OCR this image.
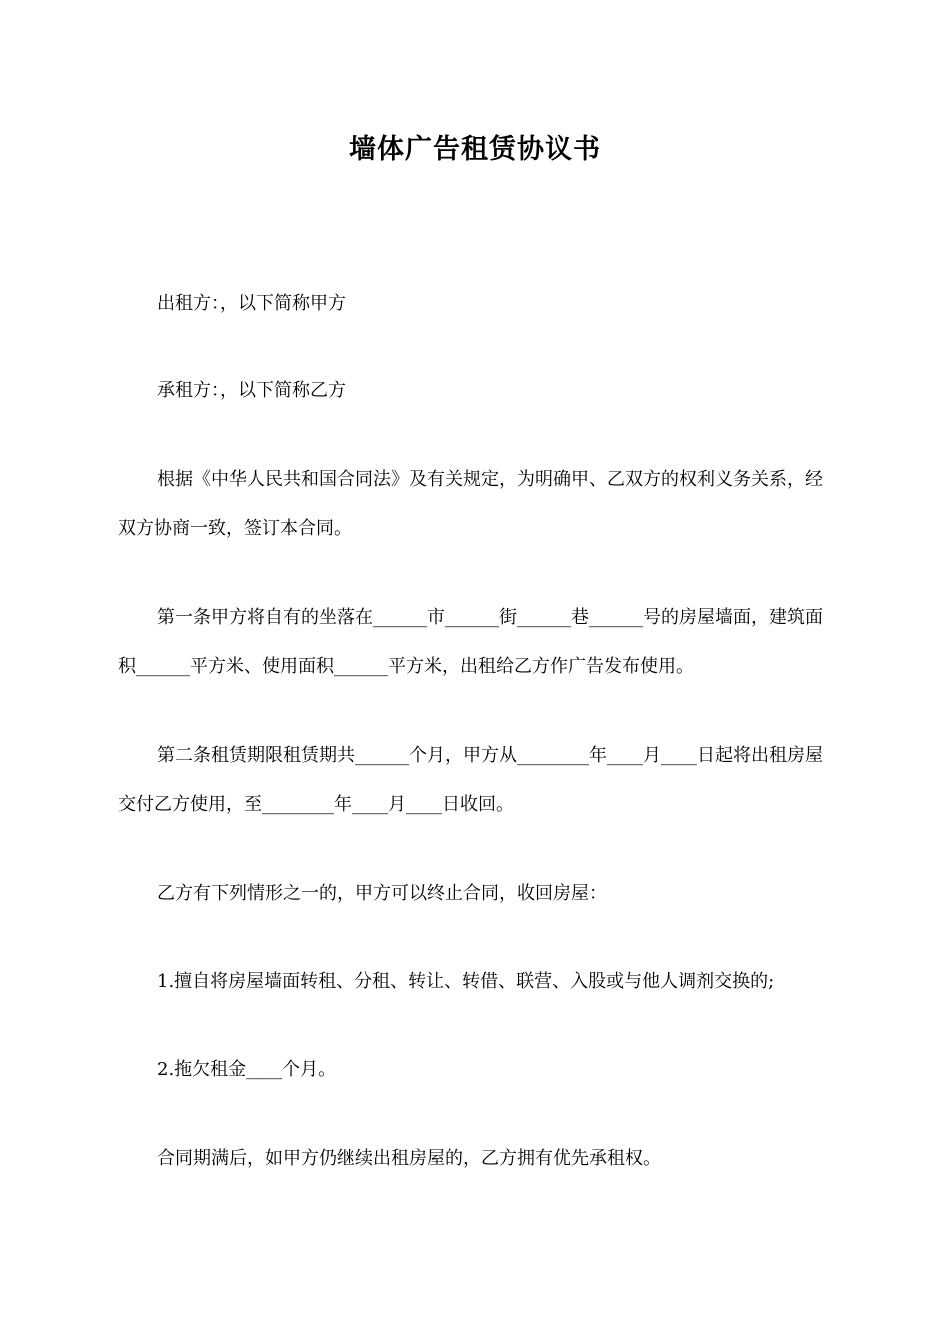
墙体广告租赁协议书
出租方：，以下简称甲方
承租方：，以下简称乙方
根据《中华人民共和国合同法》及有关规定，为明确甲、乙双方的权利义务关系，经双方协商一致，签订本合同。
第一条甲方将自有的坐落在______市______街______巷______号的房屋墙面，建筑面积______平方米、使用面积______平方米，出租给乙方作广告发布使用。
第二条租赁期限租赁期共______个月，甲方从________年____月____日起将出租房屋交付乙方使用，至________年____月____日收回。
乙方有下列情形之一的，甲方可以终止合同，收回房屋：
1.擅自将房屋墙面转租、分租、转让、转借、联营、入股或与他人调剂交换的;
2.拖欠租金____个月。
合同期满后，如甲方仍继续出租房屋的，乙方拥有优先承租权。
